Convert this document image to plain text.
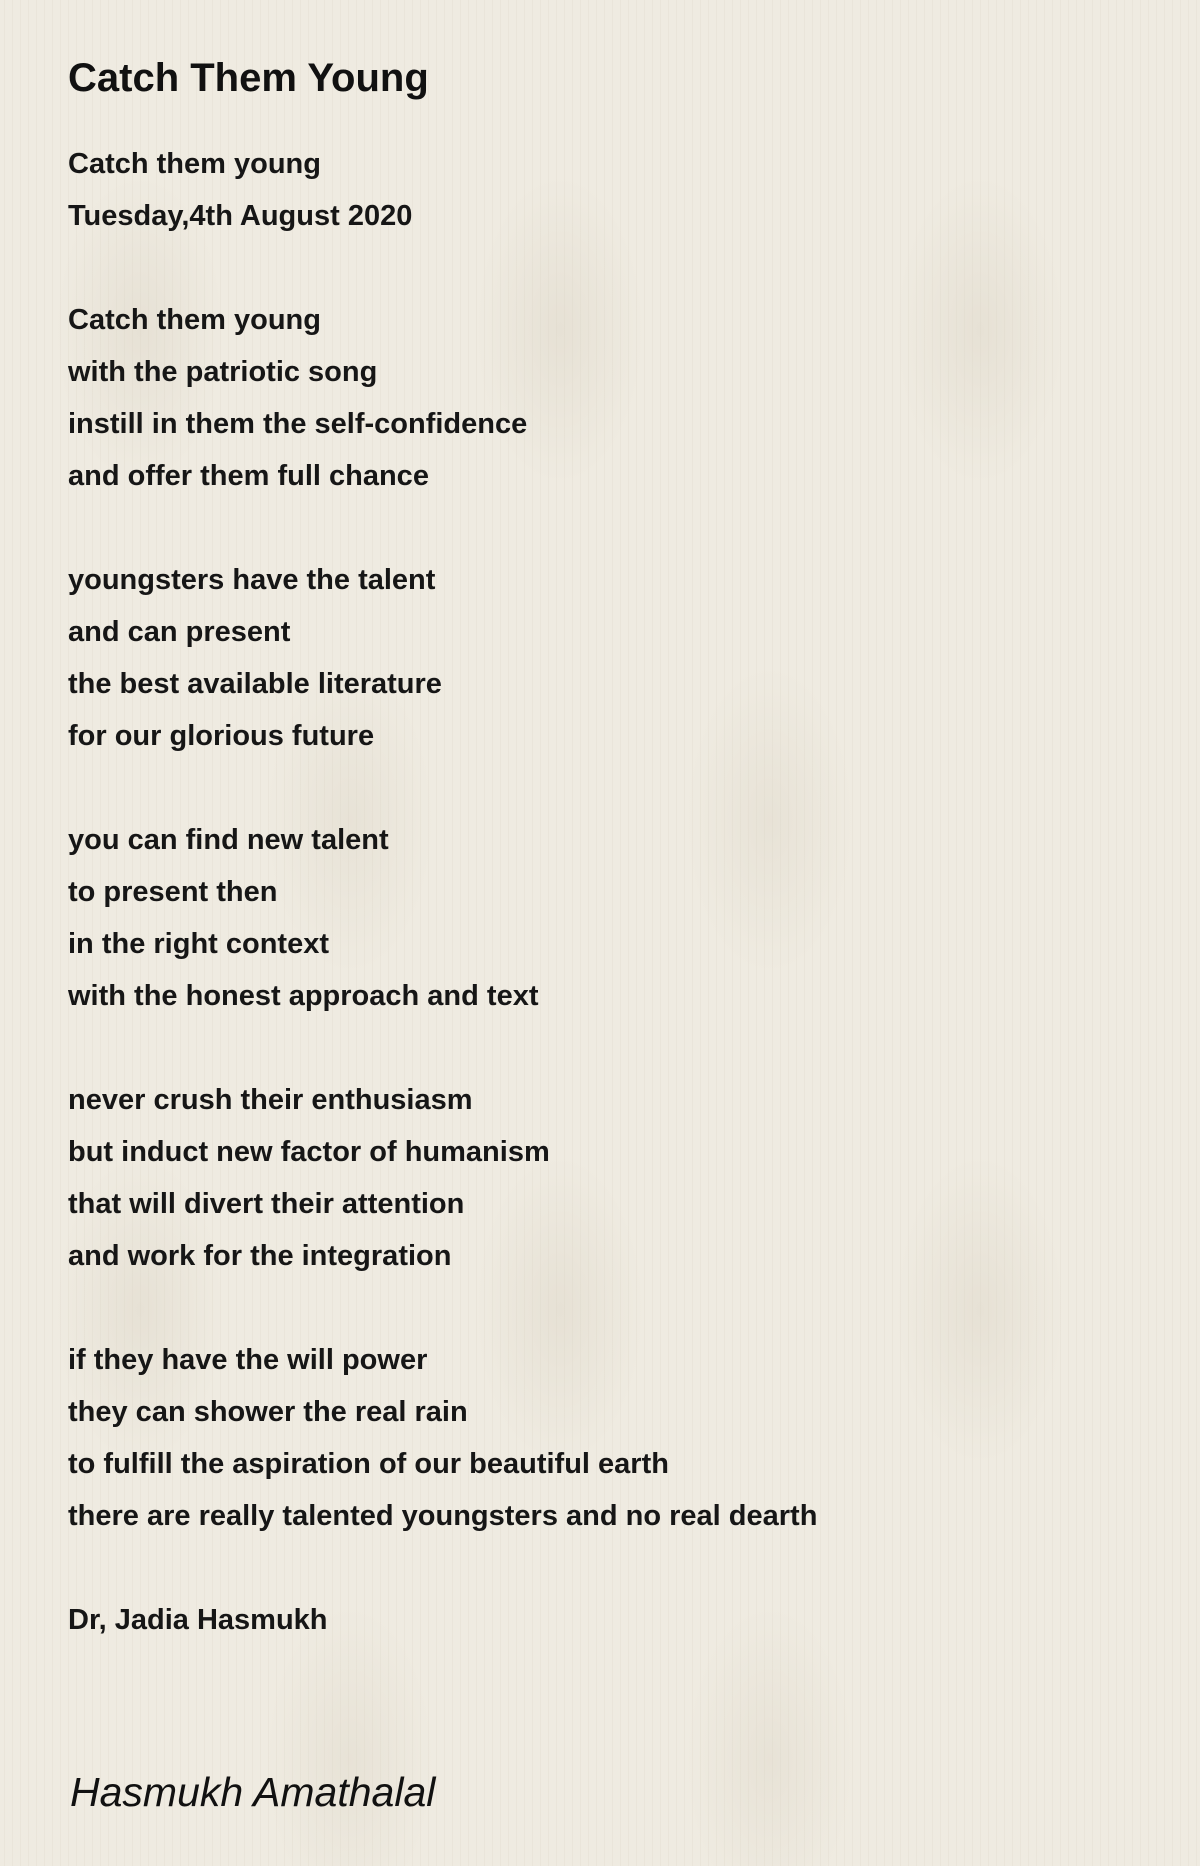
Catch Them Young
Catch them young
Tuesday,4th August 2020
Catch them young
with the patriotic song
instill in them the self-confidence
and offer them full chance
youngsters have the talent
and can present
the best available literature
for our glorious future
you can find new talent
to present then
in the right context
with the honest approach and text
never crush their enthusiasm
but induct new factor of humanism
that will divert their attention
and work for the integration
if they have the will power
they can shower the real rain
to fulfill the aspiration of our beautiful earth
there are really talented youngsters and no real dearth
Dr, Jadia Hasmukh
Hasmukh Amathalal
